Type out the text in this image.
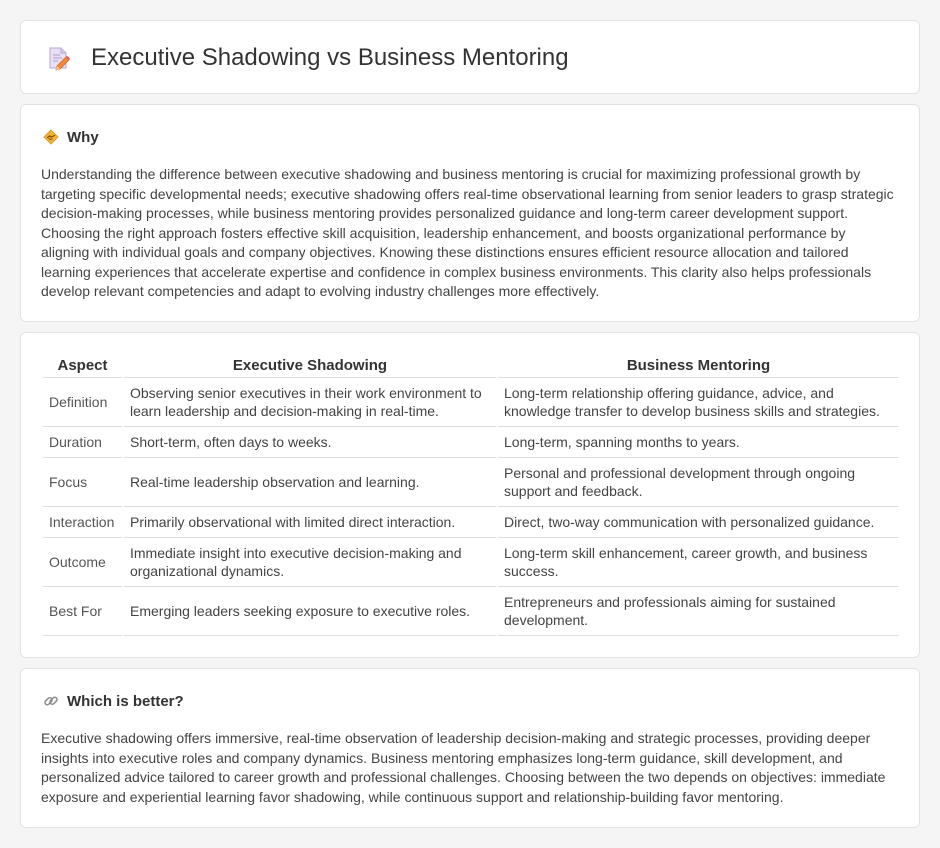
Executive Shadowing vs Business Mentoring
Why

Understanding the difference between executive shadowing and business mentoring is crucial for maximizing professional growth by targeting specific developmental needs; executive shadowing offers real-time observational learning from senior leaders to grasp strategic decision-making processes, while business mentoring provides personalized guidance and long-term career development support. Choosing the right approach fosters effective skill acquisition, leadership enhancement, and boosts organizational performance by aligning with individual goals and company objectives. Knowing these distinctions ensures efficient resource allocation and tailored learning experiences that accelerate expertise and confidence in complex business environments. This clarity also helps professionals develop relevant competencies and adapt to evolving industry challenges more effectively.

Aspect	Executive Shadowing	Business Mentoring
Definition	Observing senior executives in their work environment to learn leadership and decision-making in real-time.	Long-term relationship offering guidance, advice, and knowledge transfer to develop business skills and strategies.
Duration	Short-term, often days to weeks.	Long-term, spanning months to years.
Focus	Real-time leadership observation and learning.	Personal and professional development through ongoing support and feedback.
Interaction	Primarily observational with limited direct interaction.	Direct, two-way communication with personalized guidance.
Outcome	Immediate insight into executive decision-making and organizational dynamics.	Long-term skill enhancement, career growth, and business success.
Best For	Emerging leaders seeking exposure to executive roles.	Entrepreneurs and professionals aiming for sustained development.
Which is better?

Executive shadowing offers immersive, real-time observation of leadership decision-making and strategic processes, providing deeper insights into executive roles and company dynamics. Business mentoring emphasizes long-term guidance, skill development, and personalized advice tailored to career growth and professional challenges. Choosing between the two depends on objectives: immediate exposure and experiential learning favor shadowing, while continuous support and relationship-building favor mentoring.
